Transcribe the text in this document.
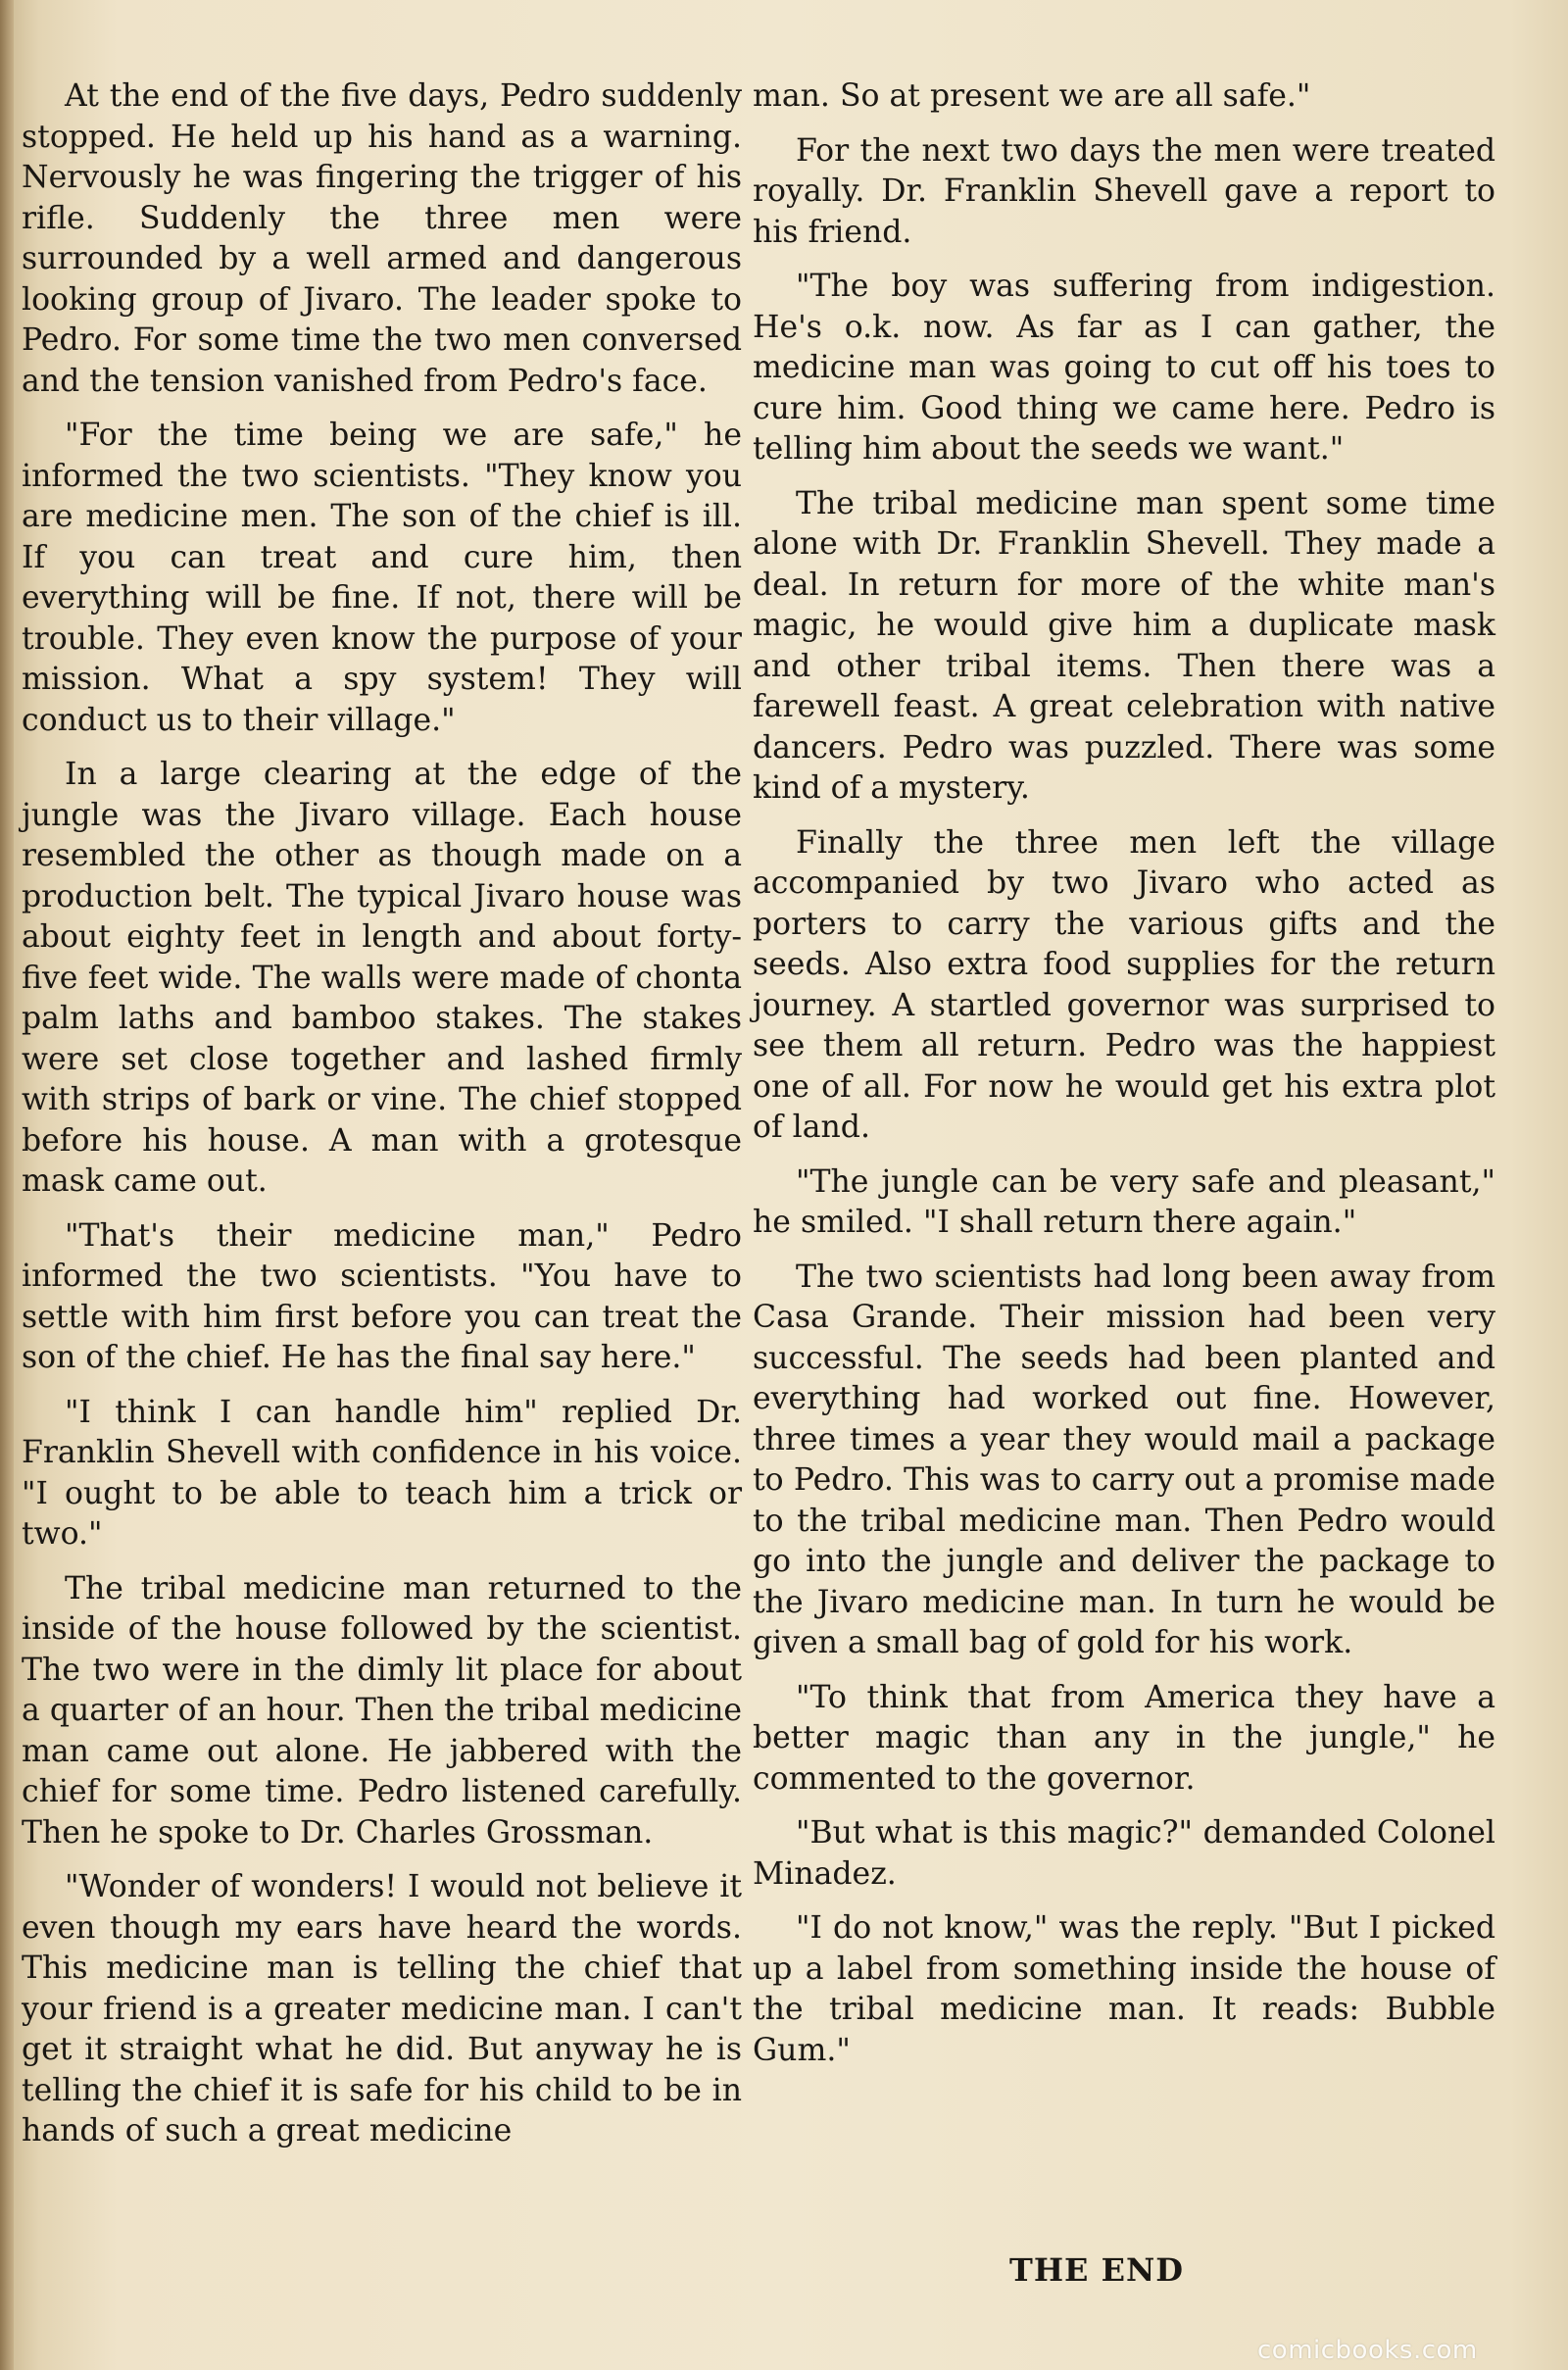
At the end of the five days, Pedro suddenly stopped. He held up his hand as a warning. Nervously he was fingering the trigger of his rifle. Suddenly the three men were surrounded by a well armed and dangerous looking group of Jivaro. The leader spoke to Pedro. For some time the two men conversed and the tension vanished from Pedro's face.

"For the time being we are safe," he informed the two scientists. "They know you are medicine men. The son of the chief is ill. If you can treat and cure him, then everything will be fine. If not, there will be trouble. They even know the purpose of your mission. What a spy system! They will conduct us to their village."

In a large clearing at the edge of the jungle was the Jivaro village. Each house resembled the other as though made on a production belt. The typical Jivaro house was about eighty feet in length and about forty-five feet wide. The walls were made of chonta palm laths and bamboo stakes. The stakes were set close together and lashed firmly with strips of bark or vine. The chief stopped before his house. A man with a grotesque mask came out.

"That's their medicine man," Pedro informed the two scientists. "You have to settle with him first before you can treat the son of the chief. He has the final say here."

"I think I can handle him" replied Dr. Franklin Shevell with confidence in his voice. "I ought to be able to teach him a trick or two."

The tribal medicine man returned to the inside of the house followed by the scientist. The two were in the dimly lit place for about a quarter of an hour. Then the tribal medicine man came out alone. He jabbered with the chief for some time. Pedro listened carefully. Then he spoke to Dr. Charles Grossman.

"Wonder of wonders! I would not believe it even though my ears have heard the words. This medicine man is telling the chief that your friend is a greater medicine man. I can't get it straight what he did. But anyway he is telling the chief it is safe for his child to be in hands of such a great medicine

man. So at present we are all safe."

For the next two days the men were treated royally. Dr. Franklin Shevell gave a report to his friend.

"The boy was suffering from indigestion. He's o.k. now. As far as I can gather, the medicine man was going to cut off his toes to cure him. Good thing we came here. Pedro is telling him about the seeds we want."

The tribal medicine man spent some time alone with Dr. Franklin Shevell. They made a deal. In return for more of the white man's magic, he would give him a duplicate mask and other tribal items. Then there was a farewell feast. A great celebration with native dancers. Pedro was puzzled. There was some kind of a mystery.

Finally the three men left the village accompanied by two Jivaro who acted as porters to carry the various gifts and the seeds. Also extra food supplies for the return journey. A startled governor was surprised to see them all return. Pedro was the happiest one of all. For now he would get his extra plot of land.

"The jungle can be very safe and pleasant," he smiled. "I shall return there again."

The two scientists had long been away from Casa Grande. Their mission had been very successful. The seeds had been planted and everything had worked out fine. However, three times a year they would mail a package to Pedro. This was to carry out a promise made to the tribal medicine man. Then Pedro would go into the jungle and deliver the package to the Jivaro medicine man. In turn he would be given a small bag of gold for his work.

"To think that from America they have a better magic than any in the jungle," he commented to the governor.

"But what is this magic?" demanded Colonel Minadez.

"I do not know," was the reply. "But I picked up a label from something inside the house of the tribal medicine man. It reads: Bubble Gum."

THE END
comicbooks.com
